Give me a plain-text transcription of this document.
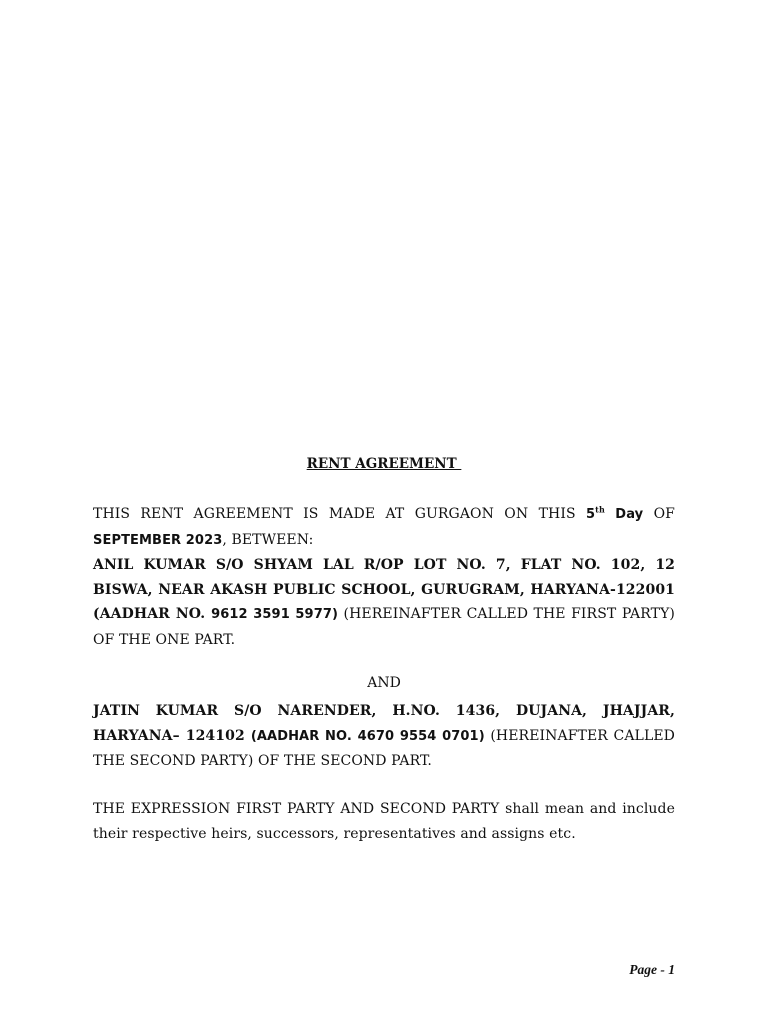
RENT AGREEMENT
THIS RENT AGREEMENT IS MADE AT GURGAON ON THIS 5th Day OF SEPTEMBER 2023, BETWEEN:
ANIL KUMAR S/O SHYAM LAL R/OP LOT NO. 7, FLAT NO. 102, 12 BISWA, NEAR AKASH PUBLIC SCHOOL, GURUGRAM, HARYANA-122001 (AADHAR NO. 9612 3591 5977) (HEREINAFTER CALLED THE FIRST PARTY) OF THE ONE PART.
AND
JATIN KUMAR S/O NARENDER, H.NO. 1436, DUJANA, JHAJJAR, HARYANA– 124102 (AADHAR NO. 4670 9554 0701) (HEREINAFTER CALLED THE SECOND PARTY) OF THE SECOND PART.
THE EXPRESSION FIRST PARTY AND SECOND PARTY shall mean and include their respective heirs, successors, representatives and assigns etc.
Page - 1
